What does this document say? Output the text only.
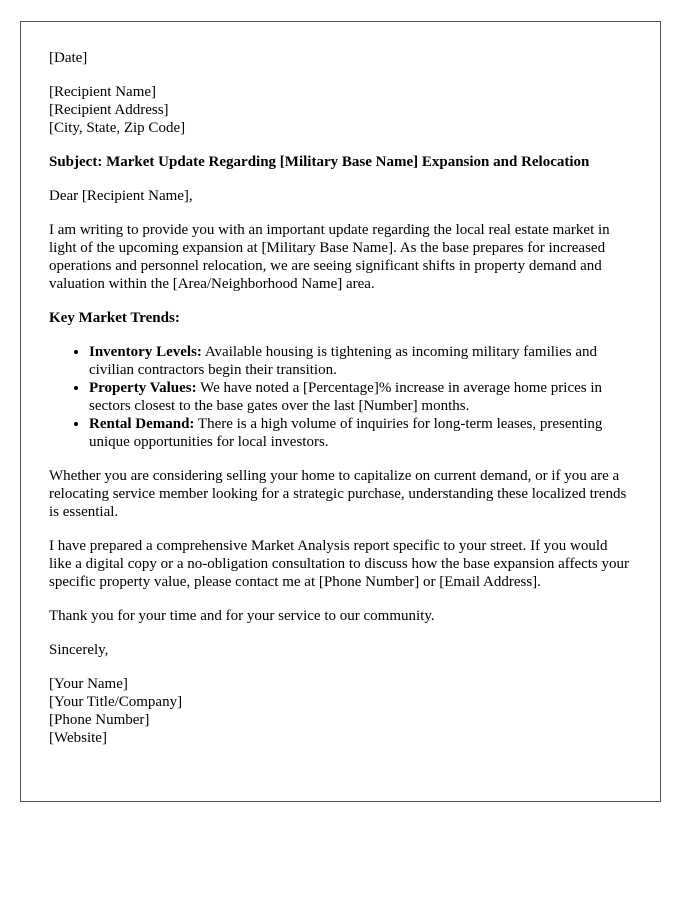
[Date]

[Recipient Name]
[Recipient Address]
[City, State, Zip Code]

Subject: Market Update Regarding [Military Base Name] Expansion and Relocation

Dear [Recipient Name],

I am writing to provide you with an important update regarding the local real estate market in light of the upcoming expansion at [Military Base Name]. As the base prepares for increased operations and personnel relocation, we are seeing significant shifts in property demand and valuation within the [Area/Neighborhood Name] area.

Key Market Trends:

• Inventory Levels: Available housing is tightening as incoming military families and civilian contractors begin their transition.
• Property Values: We have noted a [Percentage]% increase in average home prices in sectors closest to the base gates over the last [Number] months.
• Rental Demand: There is a high volume of inquiries for long-term leases, presenting unique opportunities for local investors.

Whether you are considering selling your home to capitalize on current demand, or if you are a relocating service member looking for a strategic purchase, understanding these localized trends is essential.

I have prepared a comprehensive Market Analysis report specific to your street. If you would like a digital copy or a no-obligation consultation to discuss how the base expansion affects your specific property value, please contact me at [Phone Number] or [Email Address].

Thank you for your time and for your service to our community.

Sincerely,

[Your Name]
[Your Title/Company]
[Phone Number]
[Website]
